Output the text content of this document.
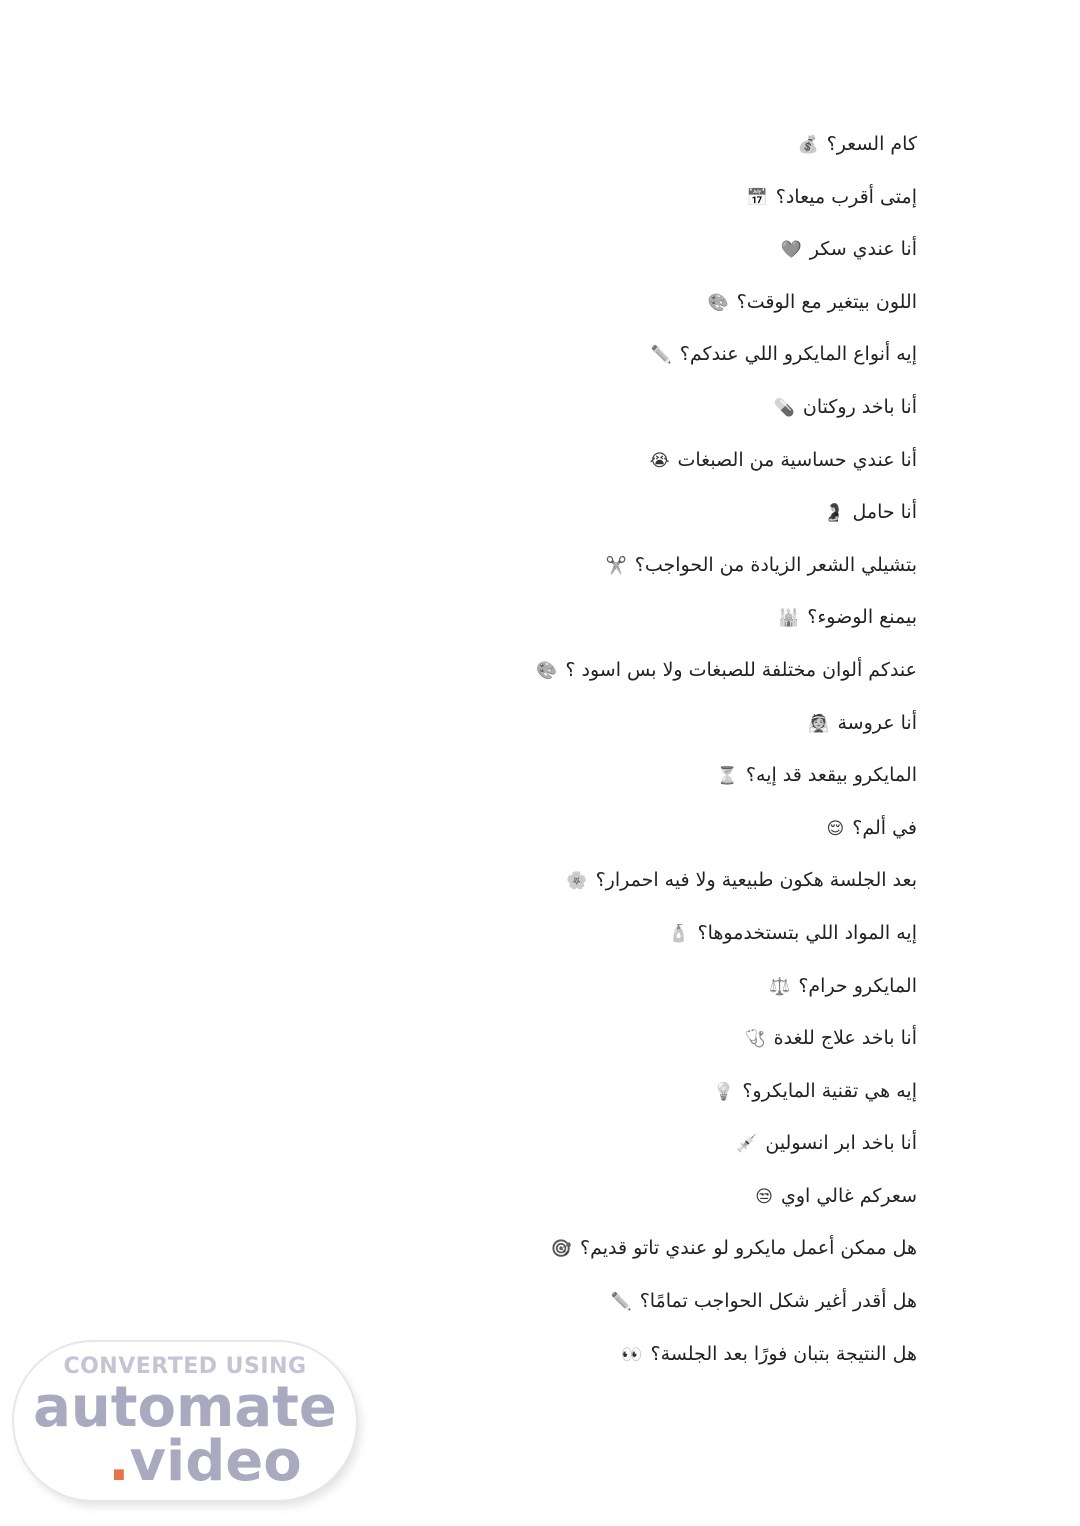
كام السعر؟💰
إمتى أقرب ميعاد؟📅
أنا عندي سكر🩶
اللون بيتغير مع الوقت؟🎨
إيه أنواع المايكرو اللي عندكم؟✏️
أنا باخد روكتان💊
أنا عندي حساسية من الصبغات😭
أنا حامل🤰
بتشيلي الشعر الزيادة من الحواجب؟✂️
بيمنع الوضوء؟🕌
عندكم ألوان مختلفة للصبغات ولا بس اسود ؟🎨
أنا عروسة👰
المايكرو بيقعد قد إيه؟⏳
في ألم؟😌
بعد الجلسة هكون طبيعية ولا فيه احمرار؟🌸
إيه المواد اللي بتستخدموها؟🧴
المايكرو حرام؟⚖️
أنا باخد علاج للغدة🩺
إيه هي تقنية المايكرو؟💡
أنا باخد ابر انسولين💉
سعركم غالي اوي😒
هل ممكن أعمل مايكرو لو عندي تاتو قديم؟🎯
هل أقدر أغير شكل الحواجب تمامًا؟✏️
هل النتيجة بتبان فورًا بعد الجلسة؟👀
CONVERTED USING
automate
.video
